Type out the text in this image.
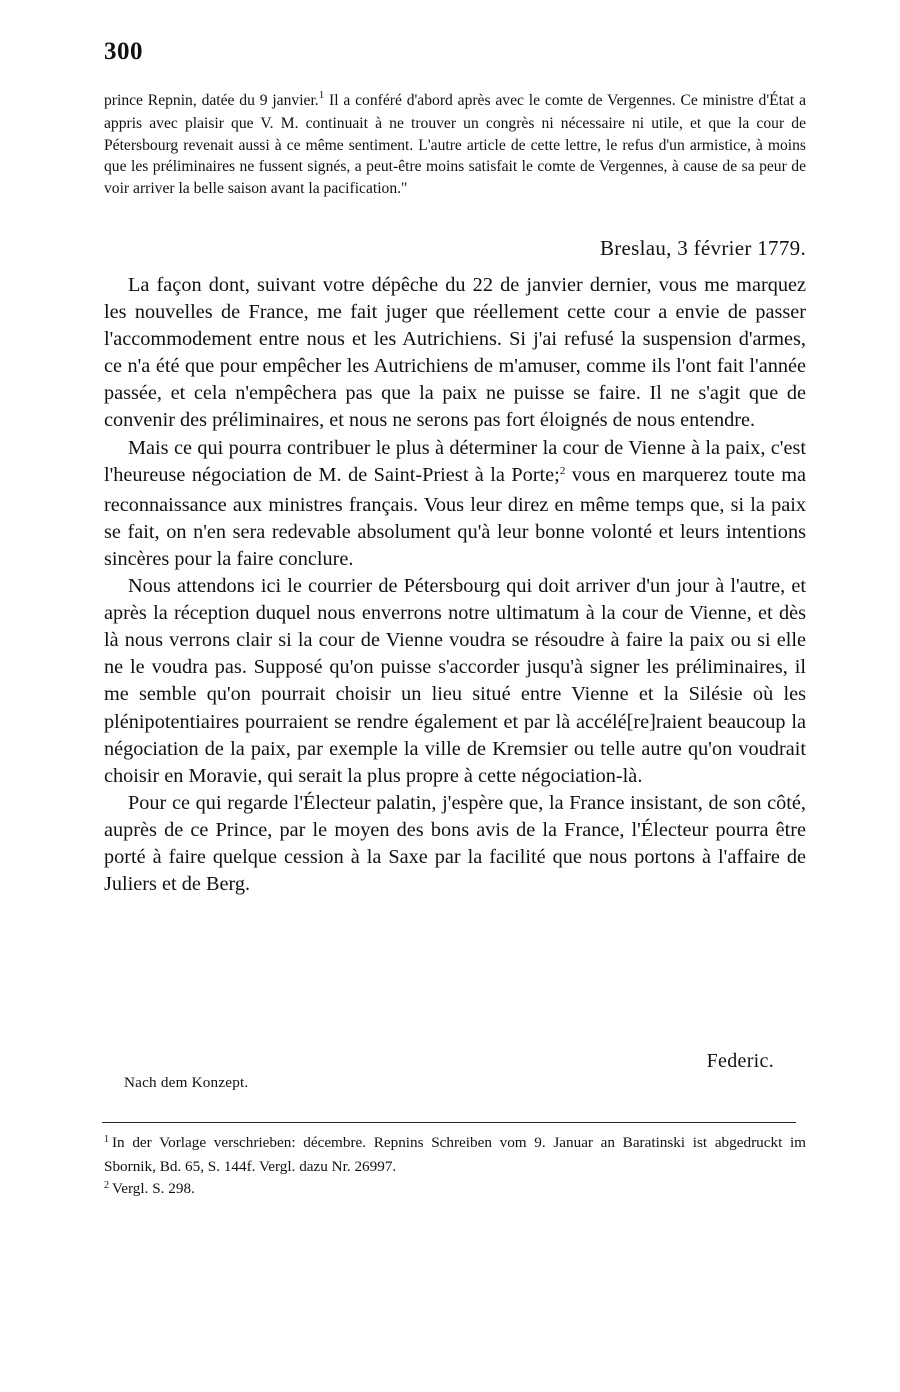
300

prince Repnin, datée du 9 janvier.$^1$ Il a conféré d'abord après avec le comte de Vergennes. Ce ministre d'État a appris avec plaisir que V. M. continuait à ne trouver un congrès ni nécessaire ni utile, et que la cour de Pétersbourg revenait aussi à ce même sentiment. L'autre article de cette lettre, le refus d'un armistice, à moins que les préliminaires ne fussent signés, a peut-être moins satisfait le comte de Vergennes, à cause de sa peur de voir arriver la belle saison avant la pacification."

Breslau, 3 février 1779.

La façon dont, suivant votre dépêche du 22 de janvier dernier, vous me marquez les nouvelles de France, me fait juger que réellement cette cour a envie de passer l'accommodement entre nous et les Autrichiens. Si j'ai refusé la suspension d'armes, ce n'a été que pour empêcher les Autrichiens de m'amuser, comme ils l'ont fait l'année passée, et cela n'empêchera pas que la paix ne puisse se faire. Il ne s'agit que de convenir des préliminaires, et nous ne serons pas fort éloignés de nous entendre.

Mais ce qui pourra contribuer le plus à déterminer la cour de Vienne à la paix, c'est l'heureuse négociation de M. de Saint-Priest à la Porte;$^2$ vous en marquerez toute ma reconnaissance aux ministres français. Vous leur direz en même temps que, si la paix se fait, on n'en sera redevable absolument qu'à leur bonne volonté et leurs intentions sincères pour la faire conclure.

Nous attendons ici le courrier de Pétersbourg qui doit arriver d'un jour à l'autre, et après la réception duquel nous enverrons notre ultimatum à la cour de Vienne, et dès là nous verrons clair si la cour de Vienne voudra se résoudre à faire la paix ou si elle ne le voudra pas. Supposé qu'on puisse s'accorder jusqu'à signer les préliminaires, il me semble qu'on pourrait choisir un lieu situé entre Vienne et la Silésie où les plénipotentiaires pourraient se rendre également et par là accélé[re]raient beaucoup la négociation de la paix, par exemple la ville de Kremsier ou telle autre qu'on voudrait choisir en Moravie, qui serait la plus propre à cette négociation-là.

Pour ce qui regarde l'Électeur palatin, j'espère que, la France insistant, de son côté, auprès de ce Prince, par le moyen des bons avis de la France, l'Électeur pourra être porté à faire quelque cession à la Saxe par la facilité que nous portons à l'affaire de Juliers et de Berg.

Federic.
Nach dem Konzept.

$^1$ In der Vorlage verschrieben: décembre. Repnins Schreiben vom 9. Januar an Baratinski ist abgedruckt im Sbornik, Bd. 65, S. 144f. Vergl. dazu Nr. 26997.

$^2$ Vergl. S. 298.
